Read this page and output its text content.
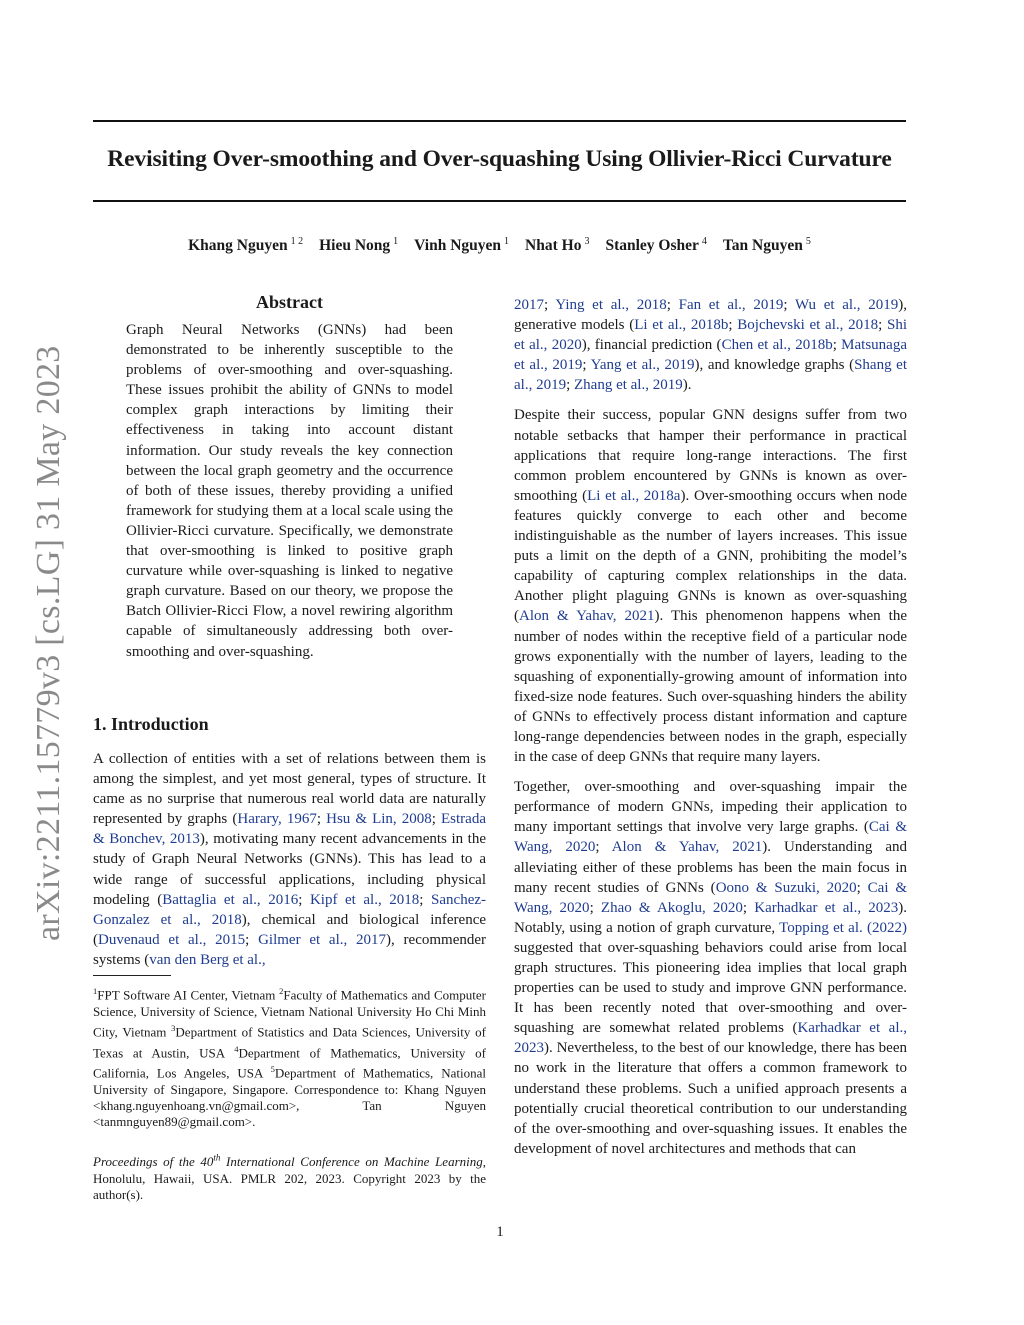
Revisiting Over-smoothing and Over-squashing Using Ollivier-Ricci Curvature
Khang Nguyen $^{1 2}$ Hieu Nong $^1$ Vinh Nguyen $^1$ Nhat Ho $^3$ Stanley Osher $^4$ Tan Nguyen $^5$
arXiv:2211.15779v3 [cs.LG] 31 May 2023
Abstract
Graph Neural Networks (GNNs) had been demonstrated to be inherently susceptible to the problems of over-smoothing and over-squashing. These issues prohibit the ability of GNNs to model complex graph interactions by limiting their effectiveness in taking into account distant information. Our study reveals the key connection between the local graph geometry and the occurrence of both of these issues, thereby providing a unified framework for studying them at a local scale using the Ollivier-Ricci curvature. Specifically, we demonstrate that over-smoothing is linked to positive graph curvature while over-squashing is linked to negative graph curvature. Based on our theory, we propose the Batch Ollivier-Ricci Flow, a novel rewiring algorithm capable of simultaneously addressing both over-smoothing and over-squashing.
1. Introduction
A collection of entities with a set of relations between them is among the simplest, and yet most general, types of structure. It came as no surprise that numerous real world data are naturally represented by graphs (Harary, 1967; Hsu & Lin, 2008; Estrada & Bonchev, 2013), motivating many recent advancements in the study of Graph Neural Networks (GNNs). This has lead to a wide range of successful applications, including physical modeling (Battaglia et al., 2016; Kipf et al., 2018; Sanchez-Gonzalez et al., 2018), chemical and biological inference (Duvenaud et al., 2015; Gilmer et al., 2017), recommender systems (van den Berg et al.,
$^1$FPT Software AI Center, Vietnam $^2$Faculty of Mathematics and Computer Science, University of Science, Vietnam National University Ho Chi Minh City, Vietnam $^3$Department of Statistics and Data Sciences, University of Texas at Austin, USA $^4$Department of Mathematics, University of California, Los Angeles, USA $^5$Department of Mathematics, National University of Singapore, Singapore. Correspondence to: Khang Nguyen <khang.nguyenhoang.vn@gmail.com>, Tan Nguyen <tanmnguyen89@gmail.com>.
Proceedings of the 40th International Conference on Machine Learning, Honolulu, Hawaii, USA. PMLR 202, 2023. Copyright 2023 by the author(s).

2017; Ying et al., 2018; Fan et al., 2019; Wu et al., 2019), generative models (Li et al., 2018b; Bojchevski et al., 2018; Shi et al., 2020), financial prediction (Chen et al., 2018b; Matsunaga et al., 2019; Yang et al., 2019), and knowledge graphs (Shang et al., 2019; Zhang et al., 2019).

Despite their success, popular GNN designs suffer from two notable setbacks that hamper their performance in practical applications that require long-range interactions. The first common problem encountered by GNNs is known as over-smoothing (Li et al., 2018a). Over-smoothing occurs when node features quickly converge to each other and become indistinguishable as the number of layers increases. This issue puts a limit on the depth of a GNN, prohibiting the model’s capability of capturing complex relationships in the data. Another plight plaguing GNNs is known as over-squashing (Alon & Yahav, 2021). This phenomenon happens when the number of nodes within the receptive field of a particular node grows exponentially with the number of layers, leading to the squashing of exponentially-growing amount of information into fixed-size node features. Such over-squashing hinders the ability of GNNs to effectively process distant information and capture long-range dependencies between nodes in the graph, especially in the case of deep GNNs that require many layers.

Together, over-smoothing and over-squashing impair the performance of modern GNNs, impeding their application to many important settings that involve very large graphs. (Cai & Wang, 2020; Alon & Yahav, 2021). Understanding and alleviating either of these problems has been the main focus in many recent studies of GNNs (Oono & Suzuki, 2020; Cai & Wang, 2020; Zhao & Akoglu, 2020; Karhadkar et al., 2023). Notably, using a notion of graph curvature, Topping et al. (2022) suggested that over-squashing behaviors could arise from local graph structures. This pioneering idea implies that local graph properties can be used to study and improve GNN performance. It has been recently noted that over-smoothing and over-squashing are somewhat related problems (Karhadkar et al., 2023). Nevertheless, to the best of our knowledge, there has been no work in the literature that offers a common framework to understand these problems. Such a unified approach presents a potentially crucial theoretical contribution to our understanding of the over-smoothing and over-squashing issues. It enables the development of novel architectures and methods that can

1
